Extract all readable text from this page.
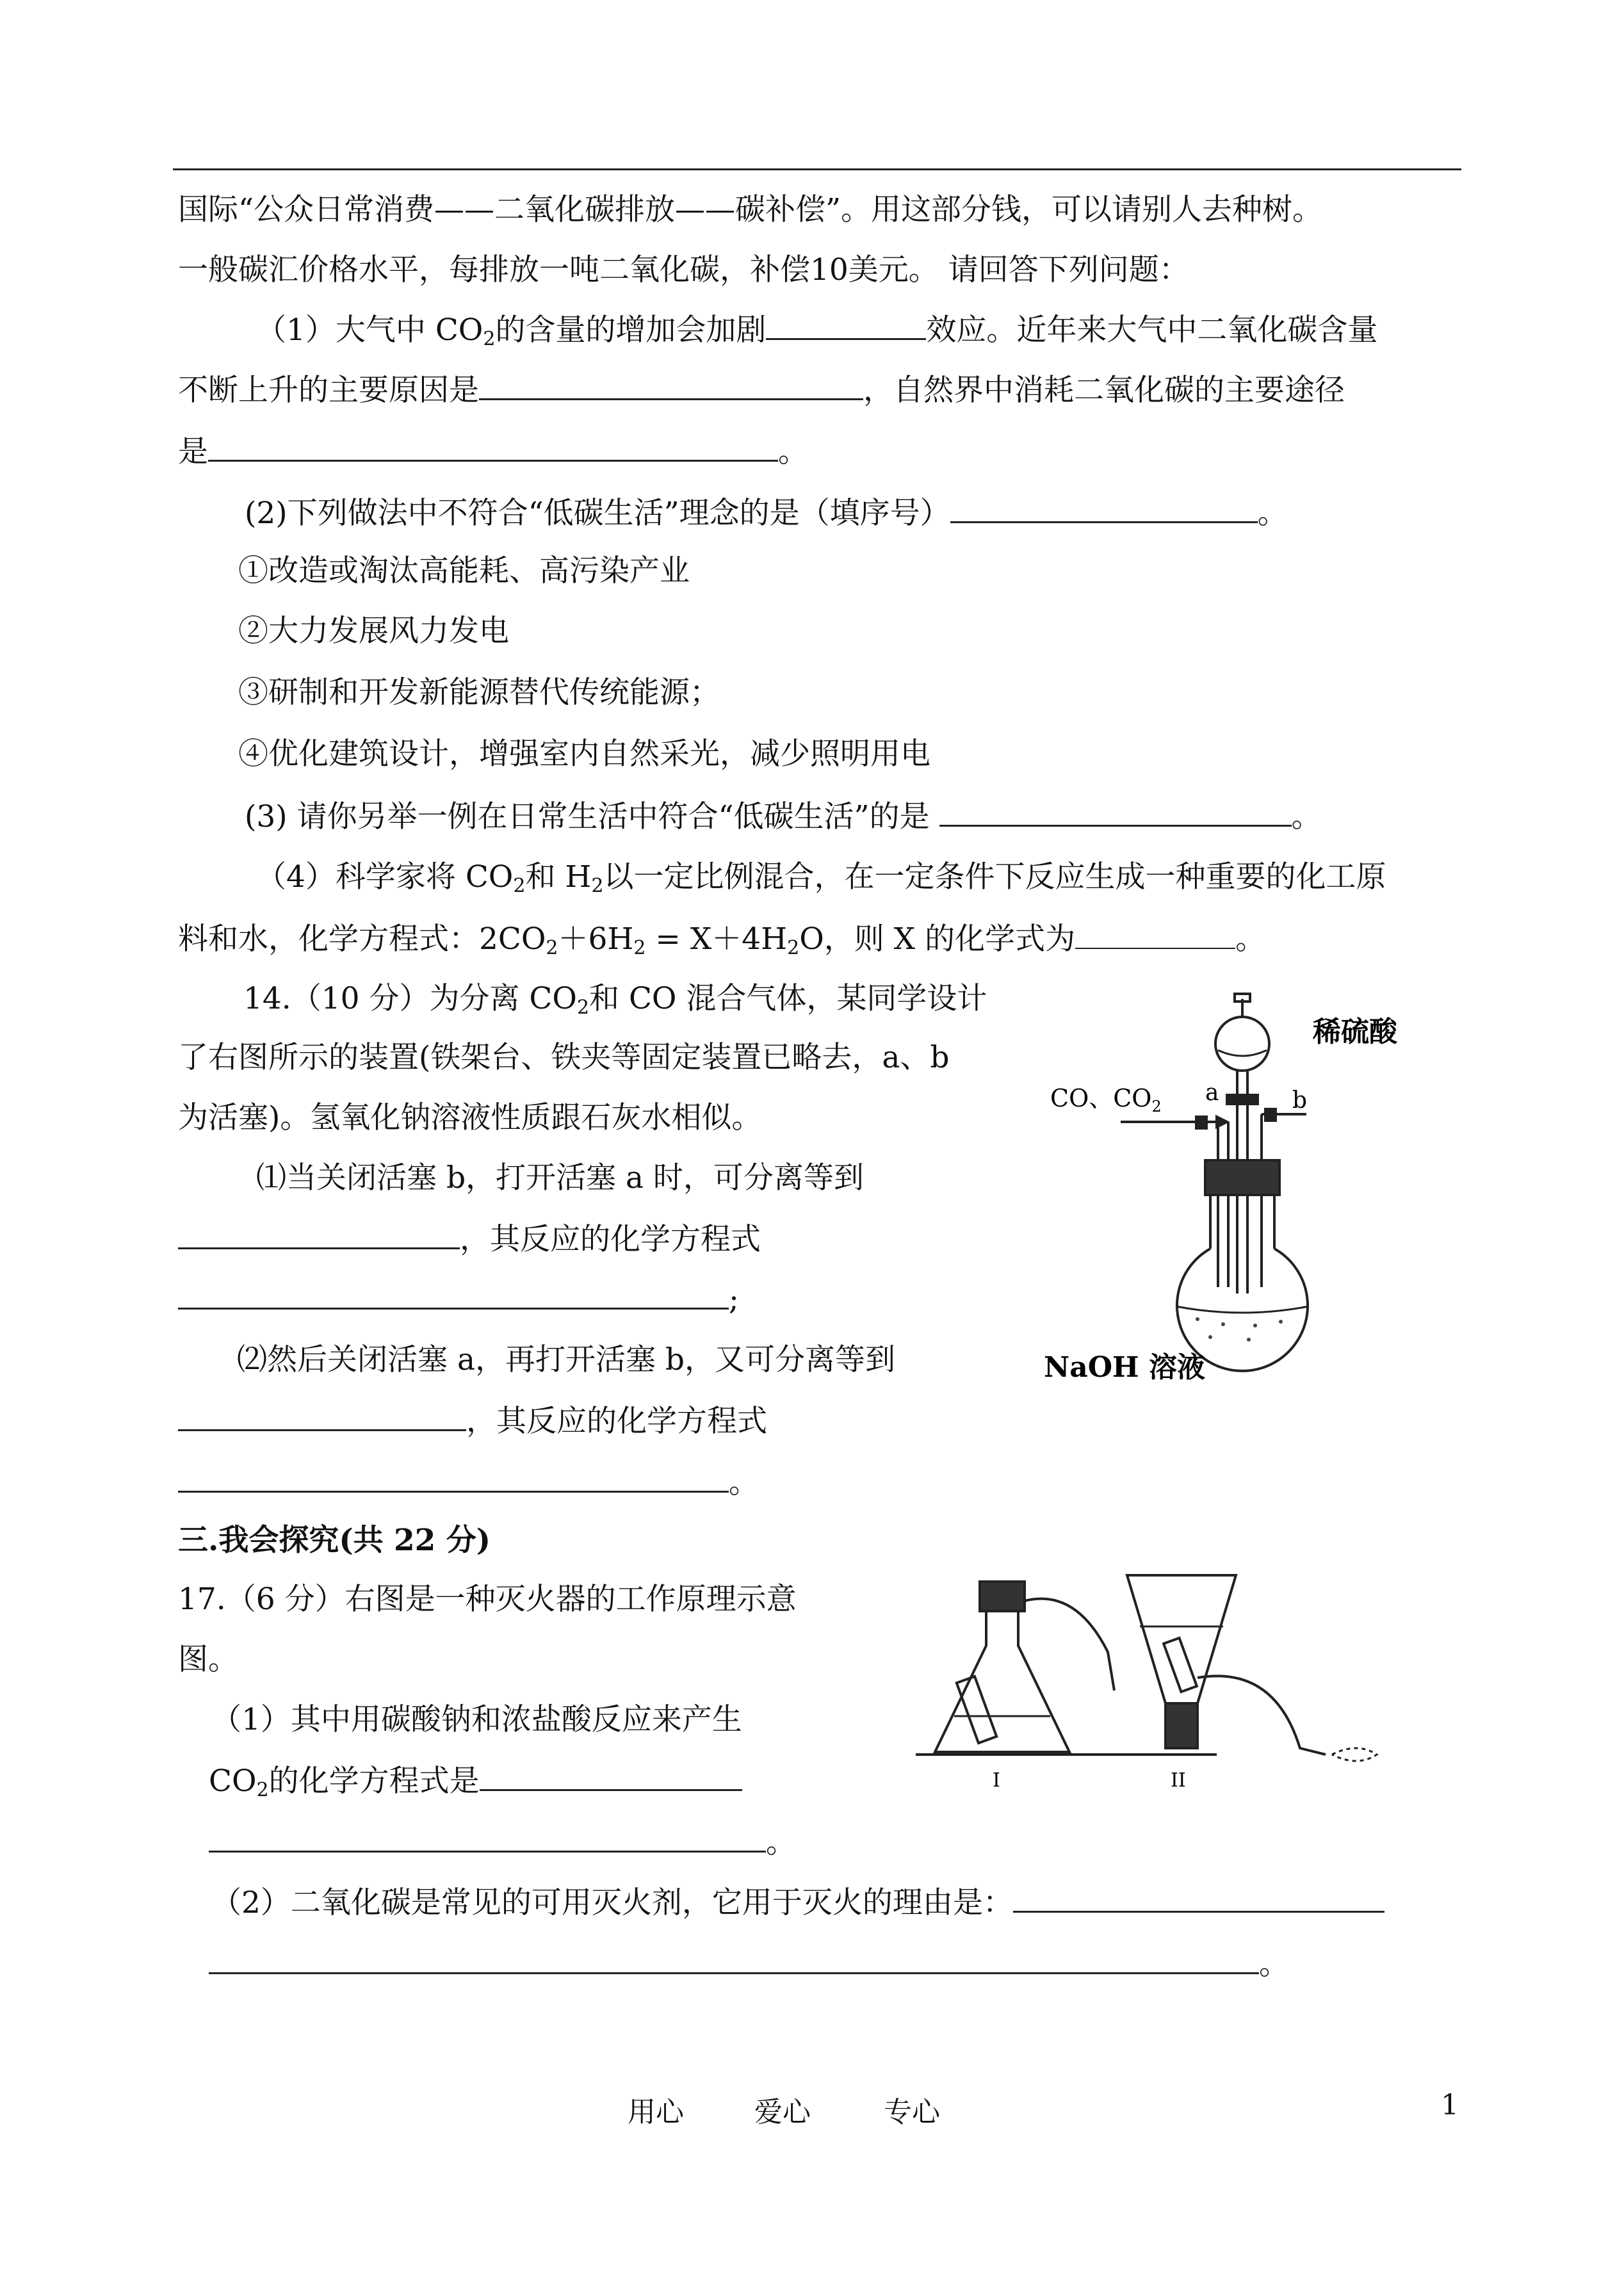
国际“公众日常消费——二氧化碳排放——碳补偿”。用这部分钱，可以请别人去种树。
一般碳汇价格水平，每排放一吨二氧化碳，补偿10美元。 请回答下列问题：
（1）大气中 $CO_2$的含量的增加会加剧	效应。近年来大气中二氧化碳含量
不断上升的主要原因是	，自然界中消耗二氧化碳的主要途径
是	。
(2)下列做法中不符合“低碳生活”理念的是（填序号）	。
①改造或淘汰高能耗、高污染产业
②大力发展风力发电
③研制和开发新能源替代传统能源；
④优化建筑设计，增强室内自然采光，减少照明用电
(3) 请你另举一例在日常生活中符合“低碳生活”的是	。
（4）科学家将 $CO_2$和 $H_2$以一定比例混合，在一定条件下反应生成一种重要的化工原
料和水，化学方程式：$2CO_2+6H_2 = X+4H_2O$，则 X 的化学式为	。
14.（10 分）为分离 $CO_2$和 CO 混合气体，某同学设计
了右图所示的装置(铁架台、铁夹等固定装置已略去，a、b
为活塞)。氢氧化钠溶液性质跟石灰水相似。
⑴当关闭活塞 b，打开活塞 a 时，可分离等到
，其反应的化学方程式
;
⑵然后关闭活塞 a，再打开活塞 b，又可分离等到
，其反应的化学方程式
。
稀硫酸
CO、$CO_2$
a	b
NaOH 溶液
三.我会探究(共 22 分)
17.（6 分）右图是一种灭火器的工作原理示意
图。
（1）其中用碳酸钠和浓盐酸反应来产生
$CO_2$的化学方程式是
。
（2）二氧化碳是常见的可用灭火剂，它用于灭火的理由是：
。
I	II
用心	爱心	专心	1
